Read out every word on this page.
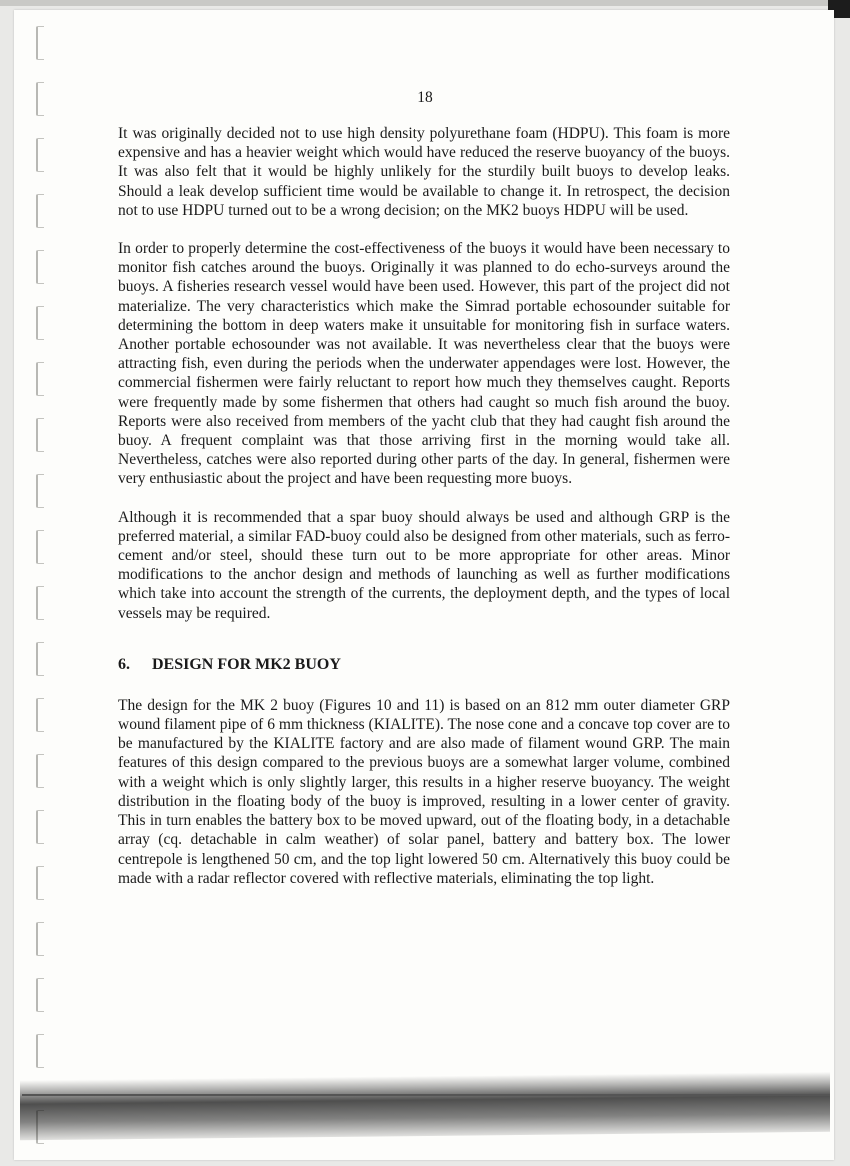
18

It was originally decided not to use high density polyurethane foam (HDPU). This foam is more expensive and has a heavier weight which would have reduced the reserve buoyancy of the buoys. It was also felt that it would be highly unlikely for the sturdily built buoys to develop leaks. Should a leak develop sufficient time would be available to change it. In retrospect, the decision not to use HDPU turned out to be a wrong decision; on the MK2 buoys HDPU will be used.

In order to properly determine the cost-effectiveness of the buoys it would have been necessary to monitor fish catches around the buoys. Originally it was planned to do echo-surveys around the buoys. A fisheries research vessel would have been used. However, this part of the project did not materialize. The very characteristics which make the Simrad portable echosounder suitable for determining the bottom in deep waters make it unsuitable for monitoring fish in surface waters. Another portable echosounder was not available. It was nevertheless clear that the buoys were attracting fish, even during the periods when the underwater appendages were lost. However, the commercial fishermen were fairly reluctant to report how much they themselves caught. Reports were frequently made by some fishermen that others had caught so much fish around the buoy. Reports were also received from members of the yacht club that they had caught fish around the buoy. A frequent complaint was that those arriving first in the morning would take all. Nevertheless, catches were also reported during other parts of the day. In general, fishermen were very enthusiastic about the project and have been requesting more buoys.

Although it is recommended that a spar buoy should always be used and although GRP is the preferred material, a similar FAD-buoy could also be designed from other materials, such as ferro-cement and/or steel, should these turn out to be more appropriate for other areas. Minor modifications to the anchor design and methods of launching as well as further modifications which take into account the strength of the currents, the deployment depth, and the types of local vessels may be required.

6. DESIGN FOR MK2 BUOY

The design for the MK 2 buoy (Figures 10 and 11) is based on an 812 mm outer diameter GRP wound filament pipe of 6 mm thickness (KIALITE). The nose cone and a concave top cover are to be manufactured by the KIALITE factory and are also made of filament wound GRP. The main features of this design compared to the previous buoys are a somewhat larger volume, combined with a weight which is only slightly larger, this results in a higher reserve buoyancy. The weight distribution in the floating body of the buoy is improved, resulting in a lower center of gravity. This in turn enables the battery box to be moved upward, out of the floating body, in a detachable array (cq. detachable in calm weather) of solar panel, battery and battery box. The lower centrepole is lengthened 50 cm, and the top light lowered 50 cm. Alternatively this buoy could be made with a radar reflector covered with reflective materials, eliminating the top light.
